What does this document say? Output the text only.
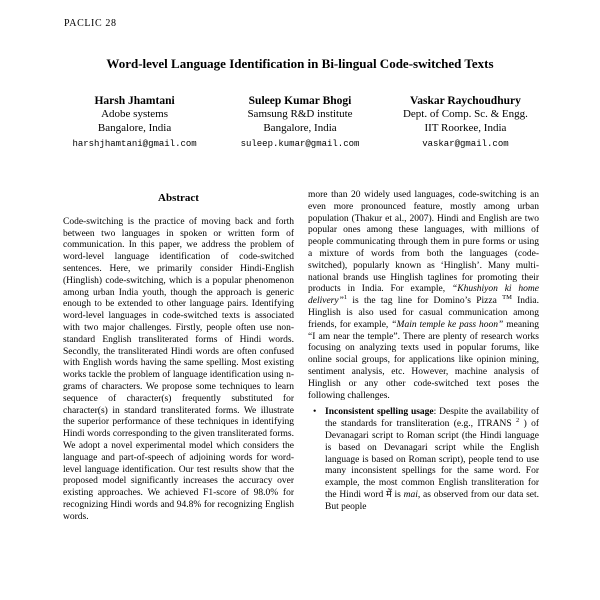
PACLIC 28
Word-level Language Identification in Bi-lingual Code-switched Texts
Harsh Jhamtani
Adobe systems
Bangalore, India
harshjhamtani@gmail.com
Suleep Kumar Bhogi
Samsung R&D institute
Bangalore, India
suleep.kumar@gmail.com
Vaskar Raychoudhury
Dept. of Comp. Sc. & Engg.
IIT Roorkee, India
vaskar@gmail.com
Abstract

Code-switching is the practice of moving back and forth between two languages in spoken or written form of communication. In this paper, we address the problem of word-level language identification of code-switched sentences. Here, we primarily consider Hindi-English (Hinglish) code-switching, which is a popular phenomenon among urban India youth, though the approach is generic enough to be extended to other language pairs. Identifying word-level languages in code-switched texts is associated with two major challenges. Firstly, people often use non-standard English transliterated forms of Hindi words. Secondly, the transliterated Hindi words are often confused with English words having the same spelling. Most existing works tackle the problem of language identification using n-grams of characters. We propose some techniques to learn sequence of character(s) frequently substituted for character(s) in standard transliterated forms. We illustrate the superior performance of these techniques in identifying Hindi words corresponding to the given transliterated forms. We adopt a novel experimental model which considers the language and part-of-speech of adjoining words for word-level language identification. Our test results show that the proposed model significantly increases the accuracy over existing approaches. We achieved F1-score of 98.0% for recognizing Hindi words and 94.8% for recognizing English words.

more than 20 widely used languages, code-switching is an even more pronounced feature, mostly among urban population (Thakur et al., 2007). Hindi and English are two popular ones among these languages, with millions of people communicating through them in pure forms or using a mixture of words from both the languages (code-switched), popularly known as ‘Hinglish’. Many multi-national brands use Hinglish taglines for promoting their products in India. For example, “Khushiyon ki home delivery”$^1$ is the tag line for Domino’s Pizza ™ India. Hinglish is also used for casual communication among friends, for example, “Main temple ke pass hoon” meaning “I am near the temple”. There are plenty of research works focusing on analyzing texts used in popular forums, like online social groups, for applications like opinion mining, sentiment analysis, etc. However, machine analysis of Hinglish or any other code-switched text poses the following challenges.

• Inconsistent spelling usage: Despite the availability of the standards for transliteration (e.g., ITRANS $^2$ ) of Devanagari script to Roman script (the Hindi language is based on Devanagari script while the English language is based on Roman script), people tend to use many inconsistent spellings for the same word. For example, the most common English transliteration for the Hindi word में is mai, as observed from our data set. But people
